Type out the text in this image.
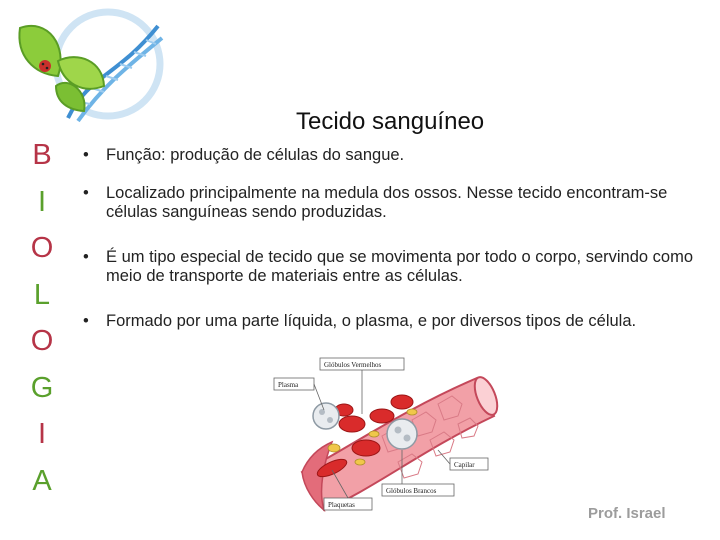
B
I
O
L
O
G
I
A
Tecido sanguíneo
• Função: produção de células do sangue.
• Localizado principalmente na medula dos ossos. Nesse tecido encontram-se células sanguíneas sendo produzidas.
• É um tipo especial de tecido que se movimenta por todo o corpo, servindo como meio de transporte de materiais entre as células.
• Formado por uma parte líquida, o plasma, e por diversos tipos de célula.
Plasma
Glóbulos Vermelhos
Capilar
Glóbulos Brancos
Plaquetas	Prof. Israel
